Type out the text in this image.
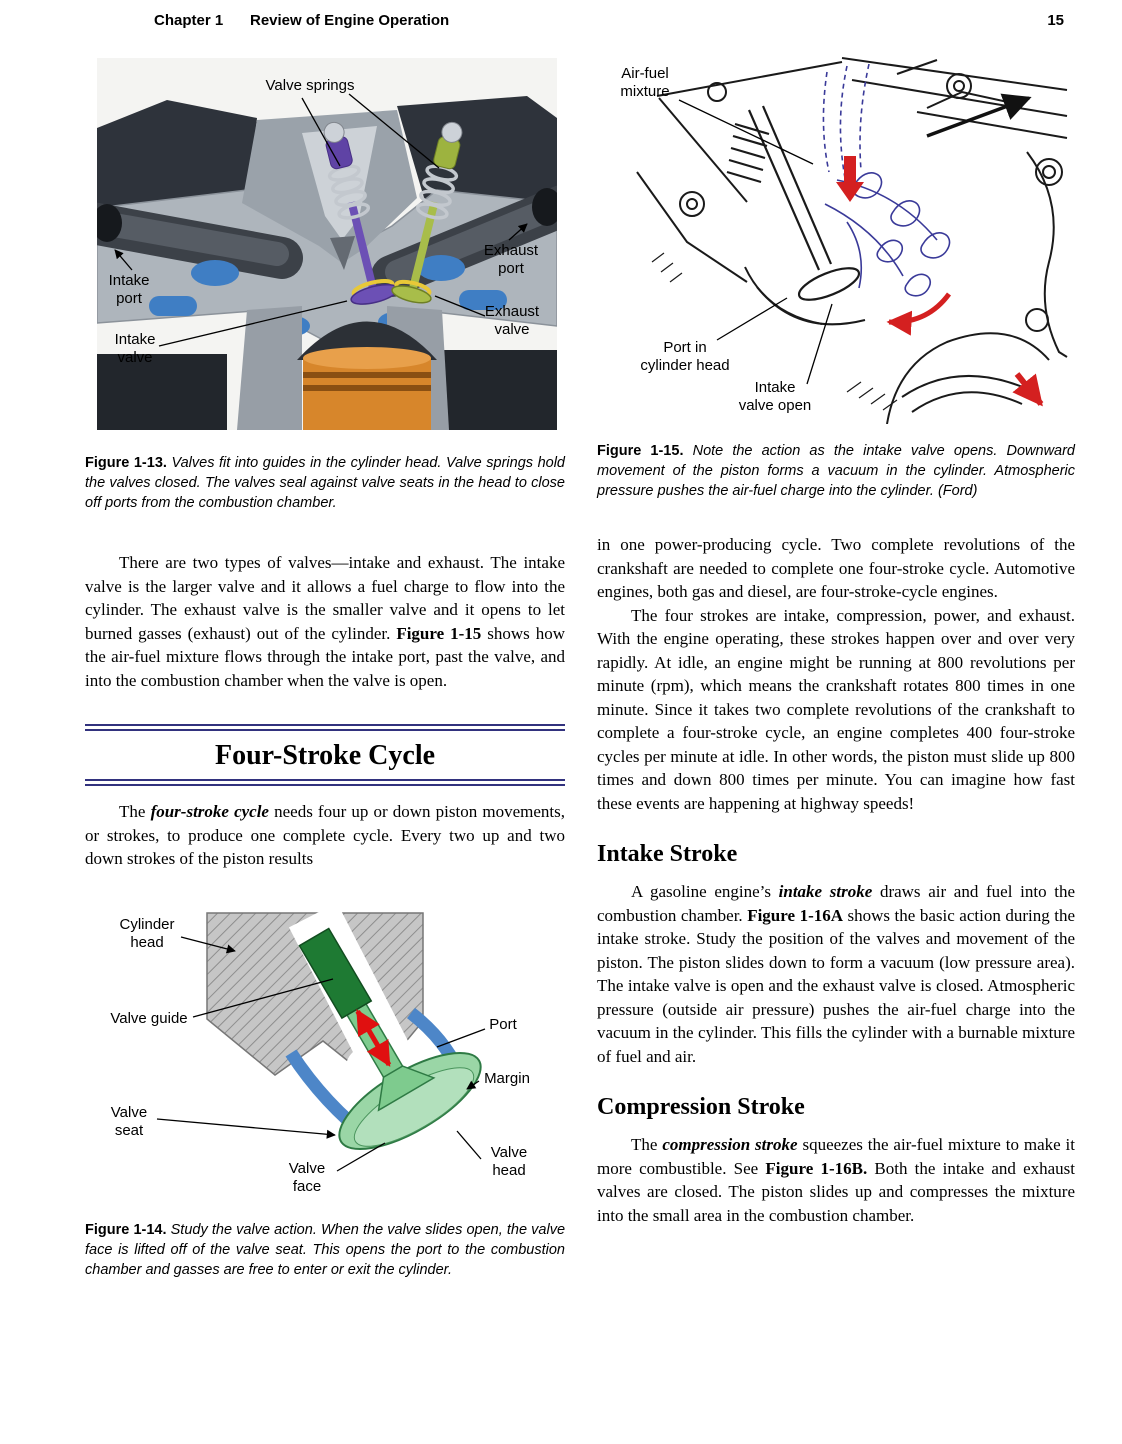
Chapter 1 Review of Engine Operation	15
Valve springs
Exhaust
port
Intake
port
Intake
valve
Exhaust
valve

Figure 1-13. Valves fit into guides in the cylinder head. Valve springs hold the valves closed. The valves seal against valve seats in the head to close off ports from the combustion chamber.

There are two types of valves—intake and exhaust. The intake valve is the larger valve and it allows a fuel charge to flow into the cylinder. The exhaust valve is the smaller valve and it opens to let burned gasses (exhaust) out of the cylinder. Figure 1-15 shows how the air-fuel mixture flows through the intake port, past the valve, and into the combustion chamber when the valve is open.

Four-Stroke Cycle

The four-stroke cycle needs four up or down piston movements, or strokes, to produce one complete cycle. Every two up and two down strokes of the piston results

Cylinder
head
Valve guide	Port
Margin
Valve
seat
Valve
face
Valve
head

Figure 1-14. Study the valve action. When the valve slides open, the valve face is lifted off of the valve seat. This opens the port to the combustion chamber and gasses are free to enter or exit the cylinder.

Air-fuel
mixture
Port in
cylinder head
Intake
valve open

Figure 1-15. Note the action as the intake valve opens. Downward movement of the piston forms a vacuum in the cylinder. Atmospheric pressure pushes the air-fuel charge into the cylinder. (Ford)

in one power-producing cycle. Two complete revolutions of the crankshaft are needed to complete one four-stroke cycle. Automotive engines, both gas and diesel, are four-stroke-cycle engines.

The four strokes are intake, compression, power, and exhaust. With the engine operating, these strokes happen over and over very rapidly. At idle, an engine might be running at 800 revolutions per minute (rpm), which means the crankshaft rotates 800 times in one minute. Since it takes two complete revolutions of the crankshaft to complete a four-stroke cycle, an engine completes 400 four-stroke cycles per minute at idle. In other words, the piston must slide up 800 times and down 800 times per minute. You can imagine how fast these events are happening at highway speeds!

Intake Stroke

A gasoline engine’s intake stroke draws air and fuel into the combustion chamber. Figure 1-16A shows the basic action during the intake stroke. Study the position of the valves and movement of the piston. The piston slides down to form a vacuum (low pressure area). The intake valve is open and the exhaust valve is closed. Atmospheric pressure (outside air pressure) pushes the air-fuel charge into the vacuum in the cylinder. This fills the cylinder with a burnable mixture of fuel and air.

Compression Stroke

The compression stroke squeezes the air-fuel mixture to make it more combustible. See Figure 1-16B. Both the intake and exhaust valves are closed. The piston slides up and compresses the mixture into the small area in the combustion chamber.
